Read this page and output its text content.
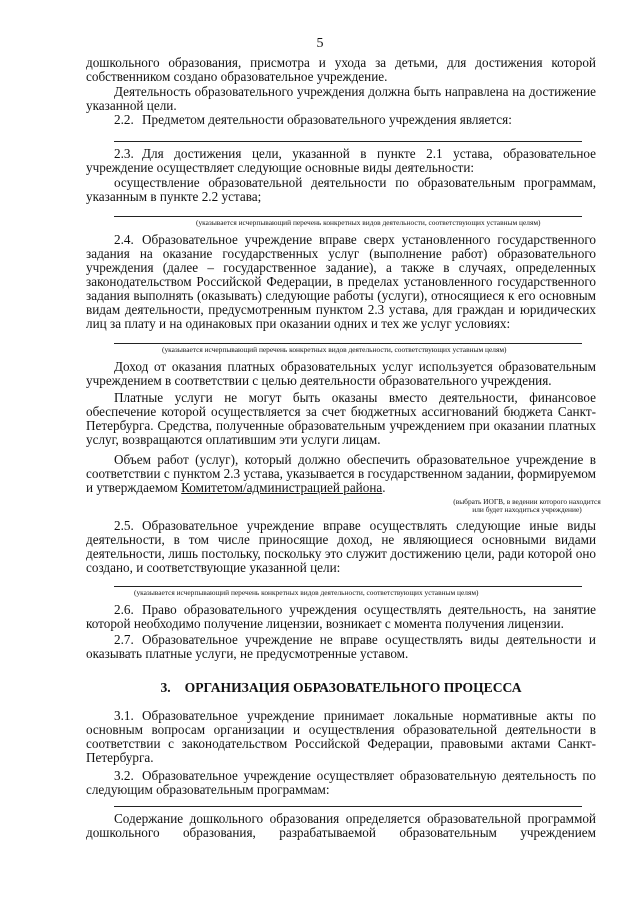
5

дошкольного образования, присмотра и ухода за детьми, для достижения которой собственником создано образовательное учреждение.

Деятельность образовательного учреждения должна быть направлена на достижение указанной цели.

2.2. Предметом деятельности образовательного учреждения является:

2.3. Для достижения цели, указанной в пункте 2.1 устава, образовательное учреждение осуществляет следующие основные виды деятельности:

осуществление образовательной деятельности по образовательным программам, указанным в пункте 2.2 устава;

(указывается исчерпывающий перечень конкретных видов деятельности, соответствующих уставным целям)

2.4. Образовательное учреждение вправе сверх установленного государственного задания на оказание государственных услуг (выполнение работ) образовательного учреждения (далее – государственное задание), а также в случаях, определенных законодательством Российской Федерации, в пределах установленного государственного задания выполнять (оказывать) следующие работы (услуги), относящиеся к его основным видам деятельности, предусмотренным пунктом 2.3 устава, для граждан и юридических лиц за плату и на одинаковых при оказании одних и тех же услуг условиях:

(указывается исчерпывающий перечень конкретных видов деятельности, соответствующих уставным целям)

Доход от оказания платных образовательных услуг используется образовательным учреждением в соответствии с целью деятельности образовательного учреждения.

Платные услуги не могут быть оказаны вместо деятельности, финансовое обеспечение которой осуществляется за счет бюджетных ассигнований бюджета Санкт-Петербурга. Средства, полученные образовательным учреждением при оказании платных услуг, возвращаются оплатившим эти услуги лицам.

Объем работ (услуг), который должно обеспечить образовательное учреждение в соответствии с пунктом 2.3 устава, указывается в государственном задании, формируемом и утверждаемом Комитетом/администрацией района.

(выбрать ИОГВ, в ведении которого находится или будет находиться учреждение)

2.5. Образовательное учреждение вправе осуществлять следующие иные виды деятельности, в том числе приносящие доход, не являющиеся основными видами деятельности, лишь постольку, поскольку это служит достижению цели, ради которой оно создано, и соответствующие указанной цели:

(указывается исчерпывающий перечень конкретных видов деятельности, соответствующих уставным целям)

2.6. Право образовательного учреждения осуществлять деятельность, на занятие которой необходимо получение лицензии, возникает с момента получения лицензии.

2.7. Образовательное учреждение не вправе осуществлять виды деятельности и оказывать платные услуги, не предусмотренные уставом.

3. ОРГАНИЗАЦИЯ ОБРАЗОВАТЕЛЬНОГО ПРОЦЕССА

3.1. Образовательное учреждение принимает локальные нормативные акты по основным вопросам организации и осуществления образовательной деятельности в соответствии с законодательством Российской Федерации, правовыми актами Санкт-Петербурга.

3.2. Образовательное учреждение осуществляет образовательную деятельность по следующим образовательным программам:

Содержание дошкольного образования определяется образовательной программой дошкольного образования, разрабатываемой образовательным учреждением
